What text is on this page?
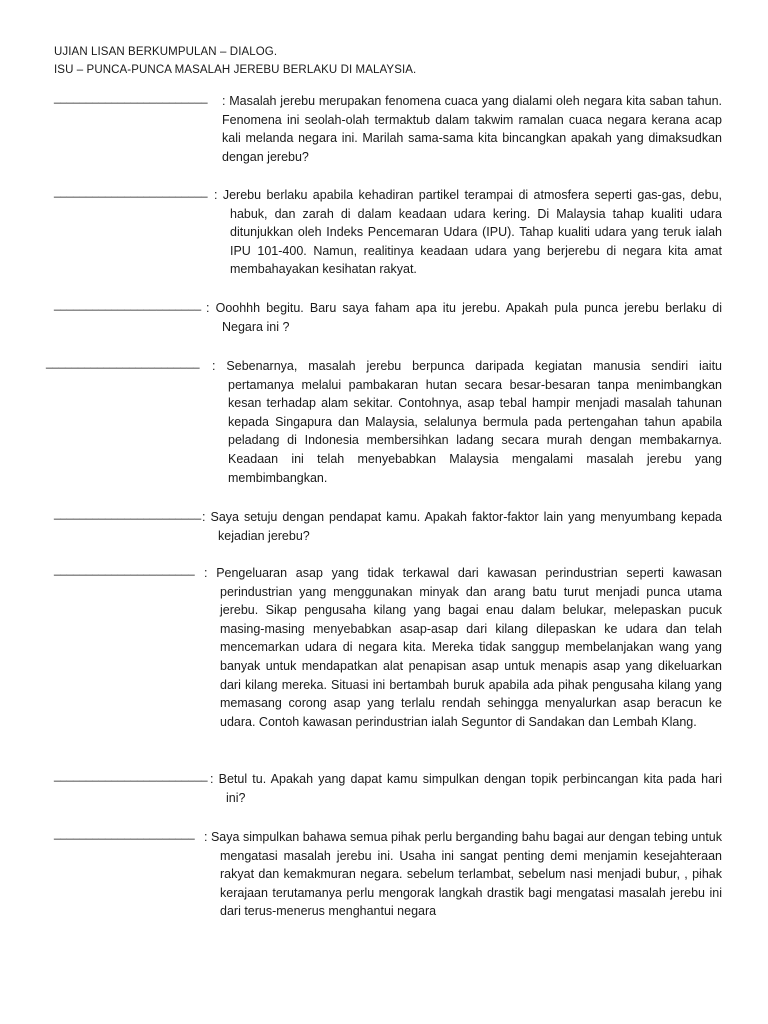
UJIAN LISAN BERKUMPULAN – DIALOG.
ISU – PUNCA-PUNCA MASALAH JEREBU BERLAKU DI MALAYSIA.
________________________ : Masalah jerebu merupakan fenomena cuaca yang dialami oleh negara kita saban tahun. Fenomena ini seolah-olah termaktub dalam takwim ramalan cuaca negara kerana acap kali melanda negara ini. Marilah sama-sama kita bincangkan apakah yang dimaksudkan dengan jerebu?
________________________ : Jerebu berlaku apabila kehadiran partikel terampai di atmosfera seperti gas-gas, debu, habuk, dan zarah di dalam keadaan udara kering. Di Malaysia tahap kualiti udara ditunjukkan oleh Indeks Pencemaran Udara (IPU). Tahap kualiti udara yang teruk ialah IPU 101-400. Namun, realitinya keadaan udara yang berjerebu di negara kita amat membahayakan kesihatan rakyat.
_______________________ : Ooohhh begitu. Baru saya faham apa itu jerebu. Apakah pula punca jerebu berlaku di Negara ini ?
________________________ : Sebenarnya, masalah jerebu berpunca daripada kegiatan manusia sendiri iaitu pertamanya melalui pambakaran hutan secara besar-besaran tanpa menimbangkan kesan terhadap alam sekitar. Contohnya, asap tebal hampir menjadi masalah tahunan kepada Singapura dan Malaysia, selalunya bermula pada pertengahan tahun apabila peladang di Indonesia membersihkan ladang secara murah dengan membakarnya. Keadaan ini telah menyebabkan Malaysia mengalami masalah jerebu yang membimbangkan.
_______________________ : Saya setuju dengan pendapat kamu. Apakah faktor-faktor lain yang menyumbang kepada kejadian jerebu?
______________________ : Pengeluaran asap yang tidak terkawal dari kawasan perindustrian seperti kawasan perindustrian yang menggunakan minyak dan arang batu turut menjadi punca utama jerebu. Sikap pengusaha kilang yang bagai enau dalam belukar, melepaskan pucuk masing-masing menyebabkan asap-asap dari kilang dilepaskan ke udara dan telah mencemarkan udara di negara kita. Mereka tidak sanggup membelanjakan wang yang banyak untuk mendapatkan alat penapisan asap untuk menapis asap yang dikeluarkan dari kilang mereka. Situasi ini bertambah buruk apabila ada pihak pengusaha kilang yang memasang corong asap yang terlalu rendah sehingga menyalurkan asap beracun ke udara. Contoh kawasan perindustrian ialah Seguntor di Sandakan dan Lembah Klang.
________________________ : Betul tu. Apakah yang dapat kamu simpulkan dengan topik perbincangan kita pada hari ini?
______________________ : Saya simpulkan bahawa semua pihak perlu berganding bahu bagai aur dengan tebing untuk mengatasi masalah jerebu ini. Usaha ini sangat penting demi menjamin kesejahteraan rakyat dan kemakmuran negara. sebelum terlambat, sebelum nasi menjadi bubur, , pihak kerajaan terutamanya perlu mengorak langkah drastik bagi mengatasi masalah jerebu ini dari terus-menerus menghantui negara
